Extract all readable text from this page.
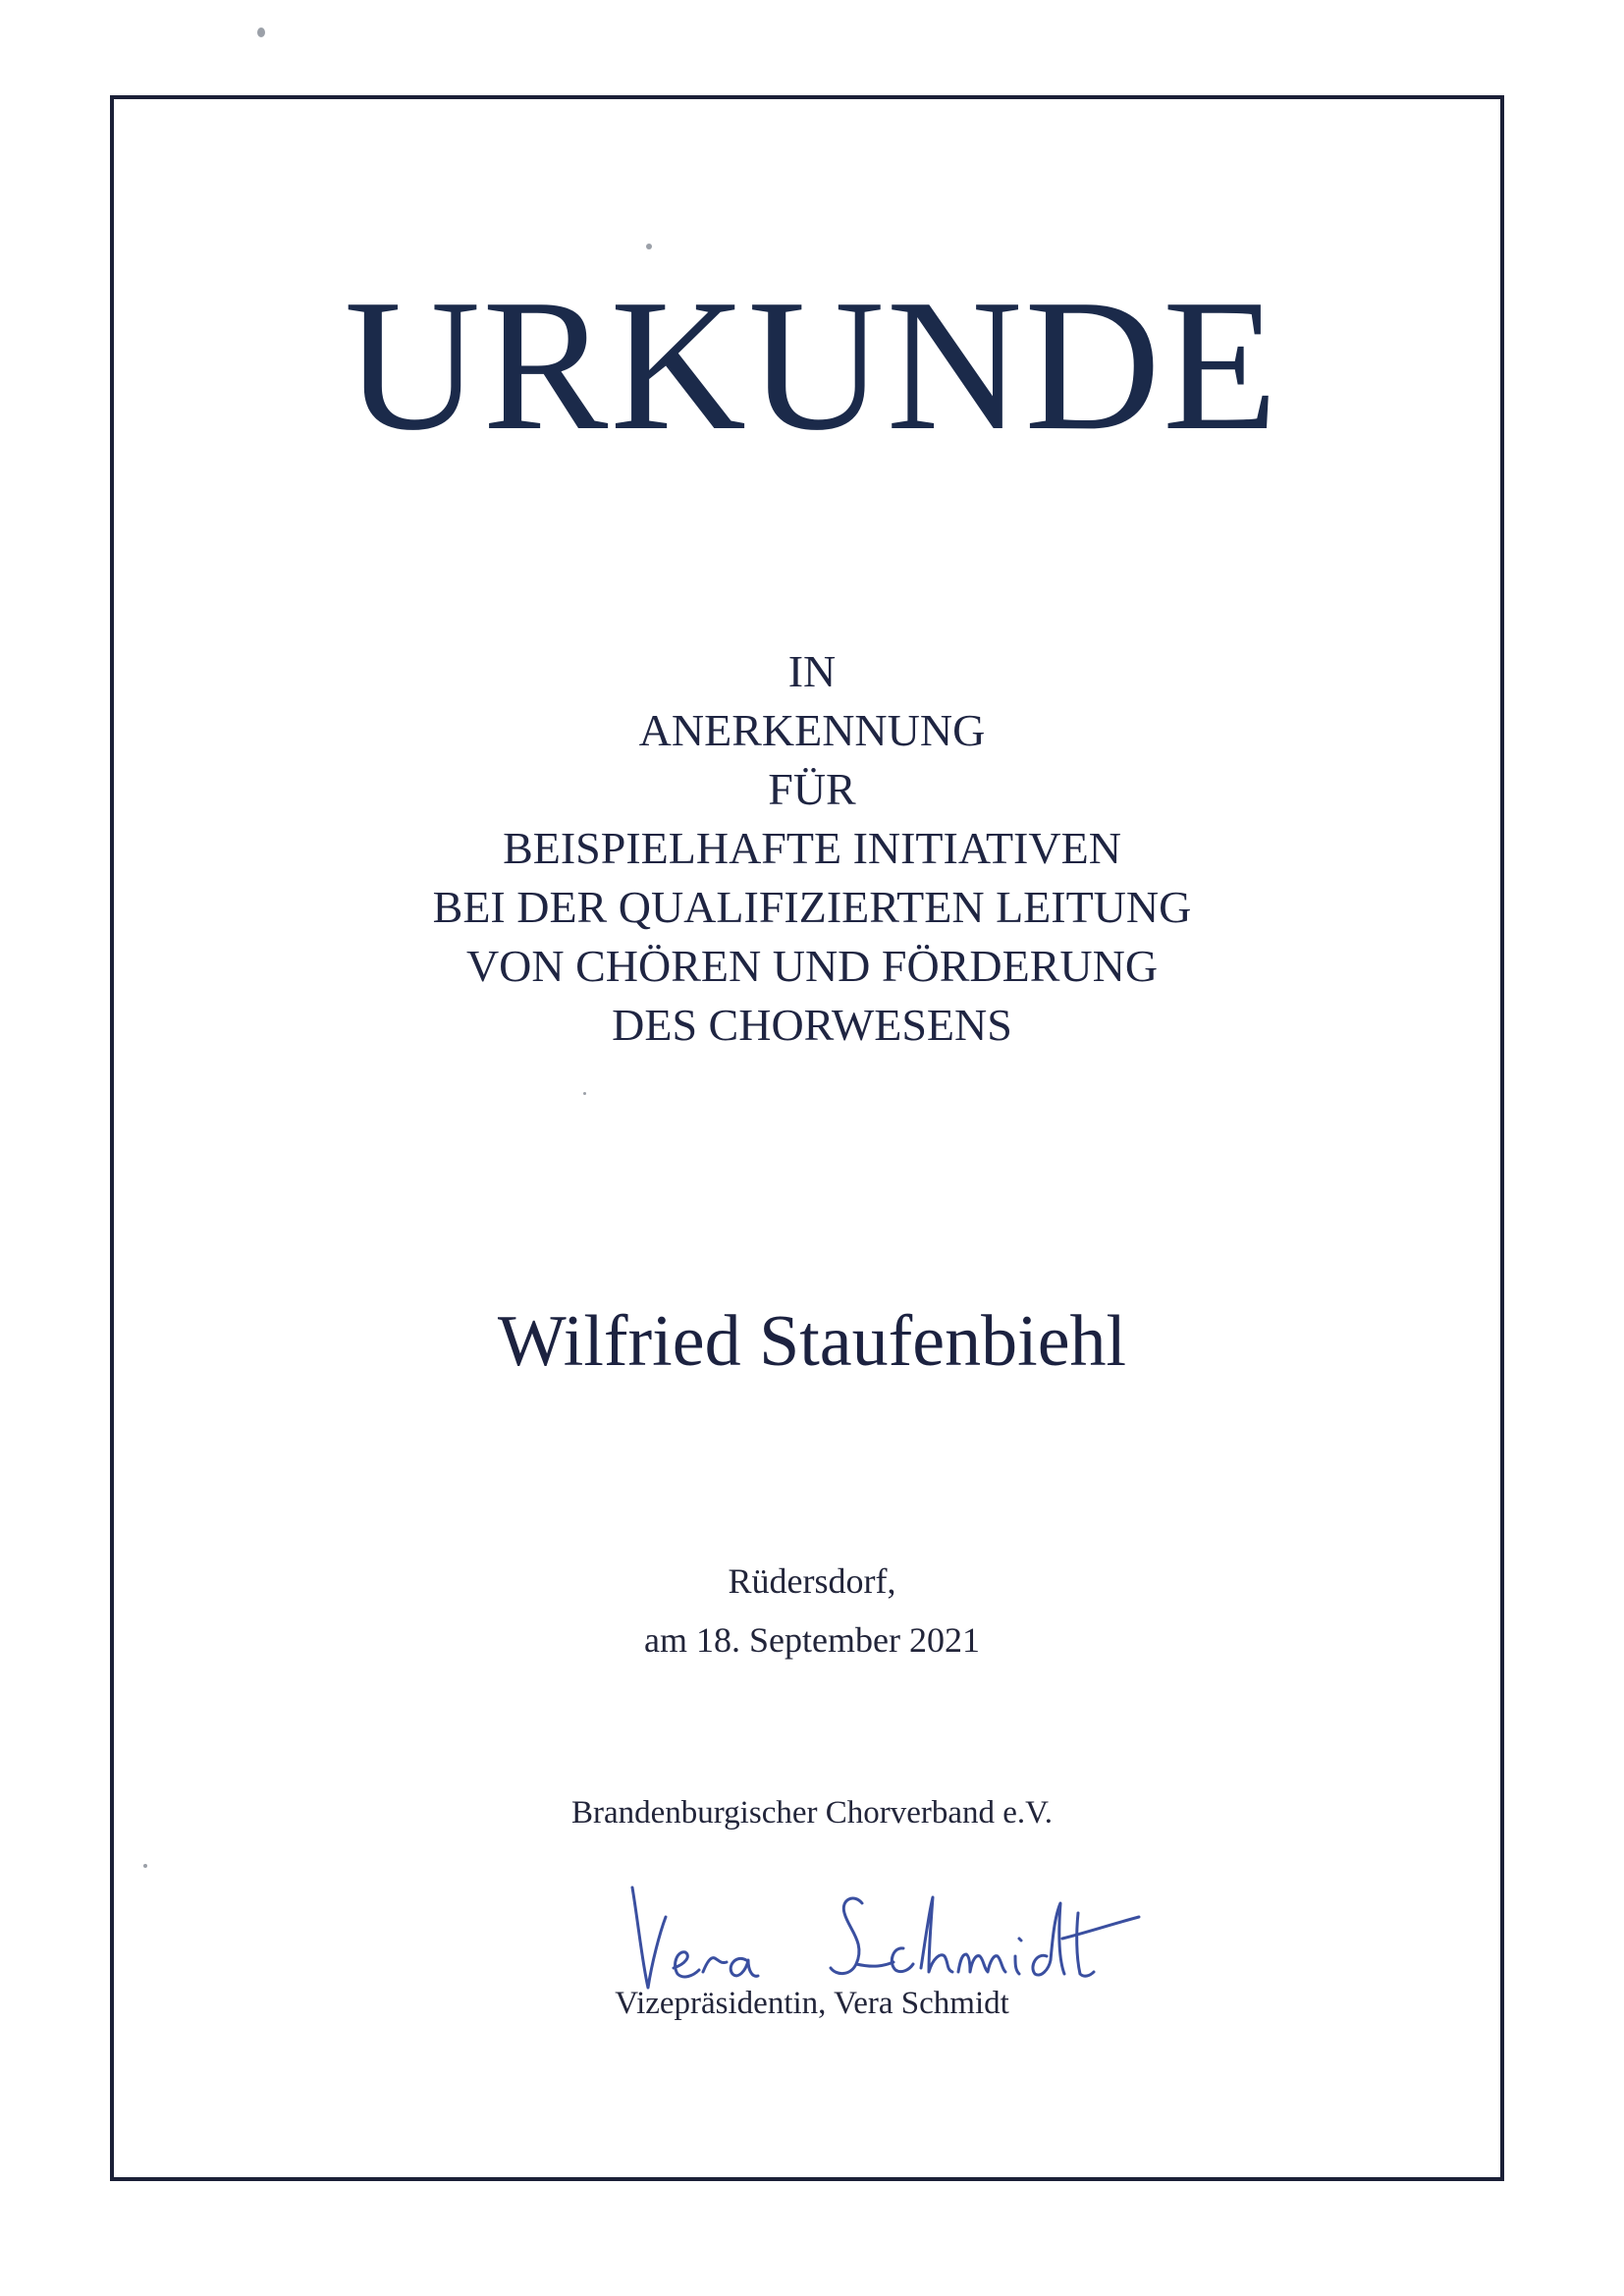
URKUNDE
IN
ANERKENNUNG
FÜR
BEISPIELHAFTE INITIATIVEN
BEI DER QUALIFIZIERTEN LEITUNG
VON CHÖREN UND FÖRDERUNG
DES CHORWESENS
Wilfried Staufenbiehl
Rüdersdorf,
am 18. September 2021
Brandenburgischer Chorverband e.V.
Vizepräsidentin, Vera Schmidt
